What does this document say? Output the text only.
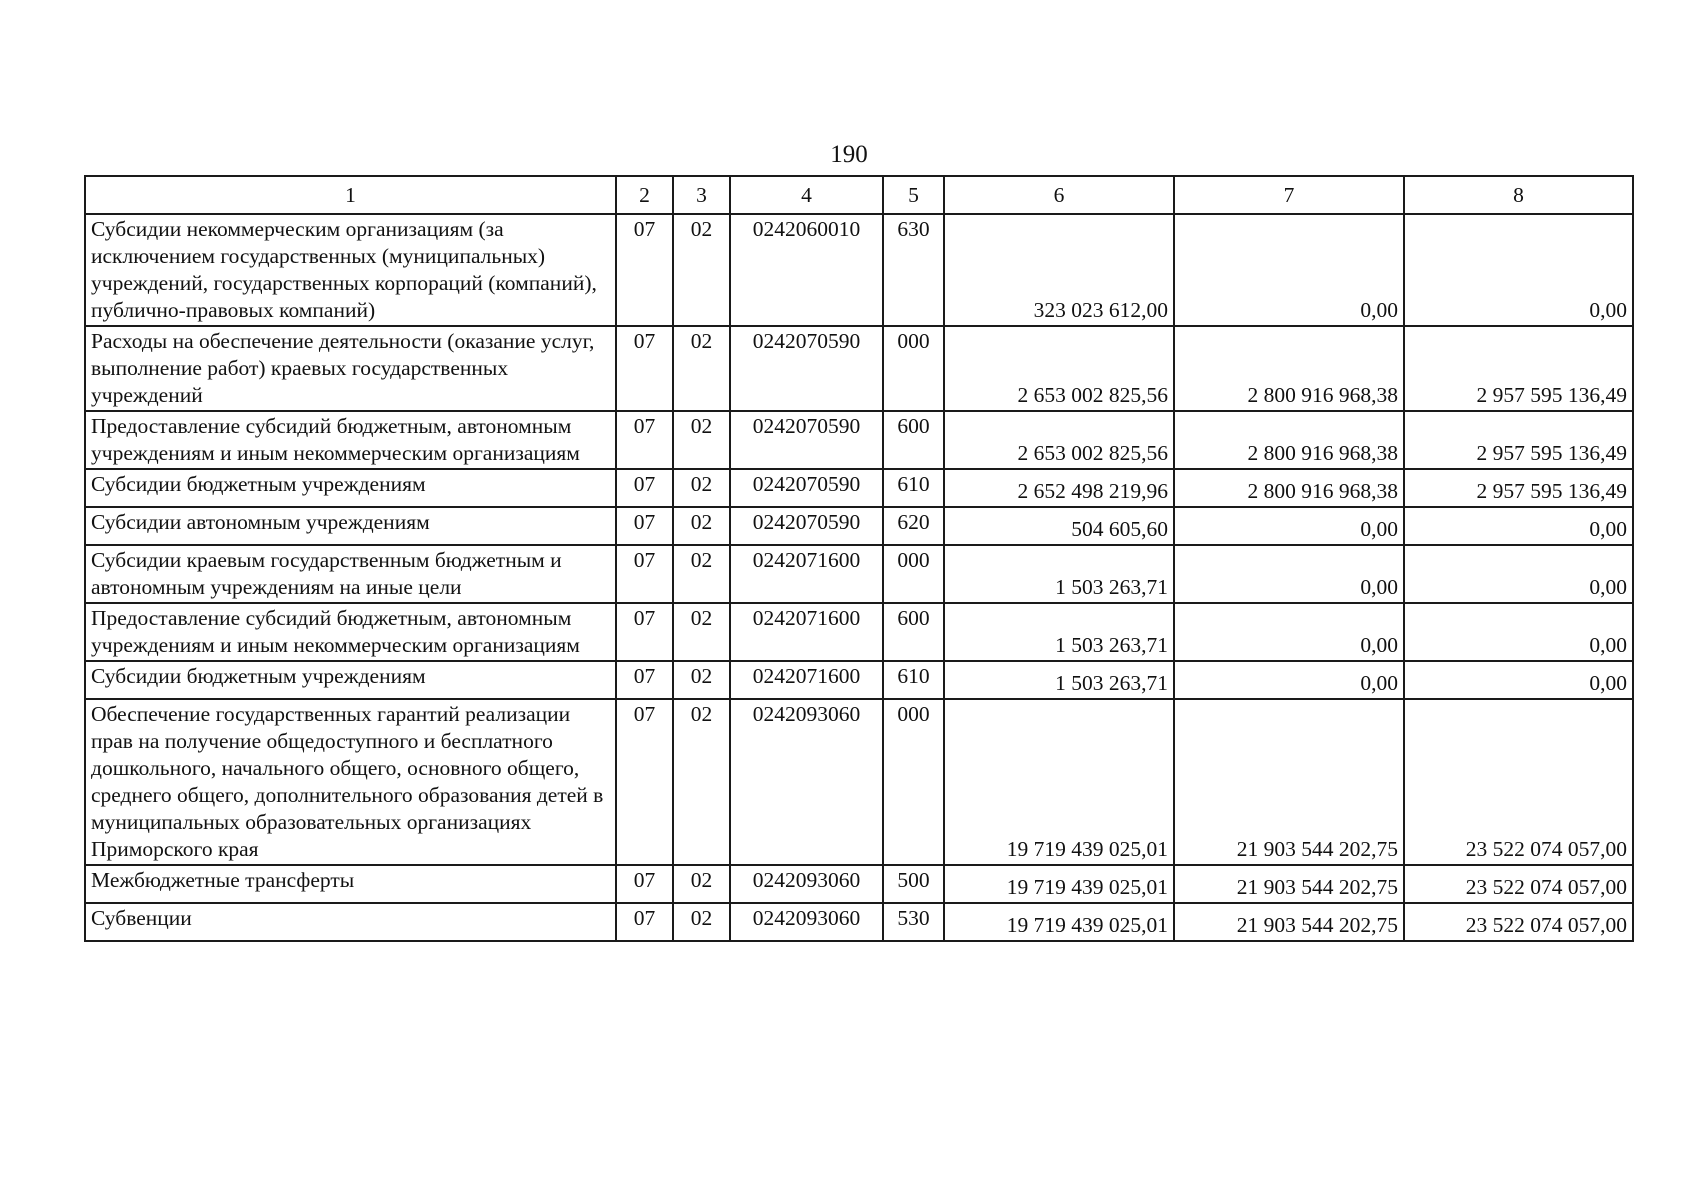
190
1	2	3	4	5	6	7	8
Субсидии некоммерческим организациям (за исключением государственных (муниципальных) учреждений, государственных корпораций (компаний), публично-правовых компаний)	07	02	0242060010	630	323 023 612,00	0,00	0,00
Расходы на обеспечение деятельности (оказание услуг, выполнение работ) краевых государственных учреждений	07	02	0242070590	000	2 653 002 825,56	2 800 916 968,38	2 957 595 136,49
Предоставление субсидий бюджетным, автономным учреждениям и иным некоммерческим организациям	07	02	0242070590	600	2 653 002 825,56	2 800 916 968,38	2 957 595 136,49
Субсидии бюджетным учреждениям	07	02	0242070590	610	2 652 498 219,96	2 800 916 968,38	2 957 595 136,49
Субсидии автономным учреждениям	07	02	0242070590	620	504 605,60	0,00	0,00
Субсидии краевым государственным бюджетным и автономным учреждениям на иные цели	07	02	0242071600	000	1 503 263,71	0,00	0,00
Предоставление субсидий бюджетным, автономным учреждениям и иным некоммерческим организациям	07	02	0242071600	600	1 503 263,71	0,00	0,00
Субсидии бюджетным учреждениям	07	02	0242071600	610	1 503 263,71	0,00	0,00
Обеспечение государственных гарантий реализации прав на получение общедоступного и бесплатного дошкольного, начального общего, основного общего, среднего общего, дополнительного образования детей в муниципальных образовательных организациях Приморского края	07	02	0242093060	000	19 719 439 025,01	21 903 544 202,75	23 522 074 057,00
Межбюджетные трансферты	07	02	0242093060	500	19 719 439 025,01	21 903 544 202,75	23 522 074 057,00
Субвенции	07	02	0242093060	530	19 719 439 025,01	21 903 544 202,75	23 522 074 057,00
